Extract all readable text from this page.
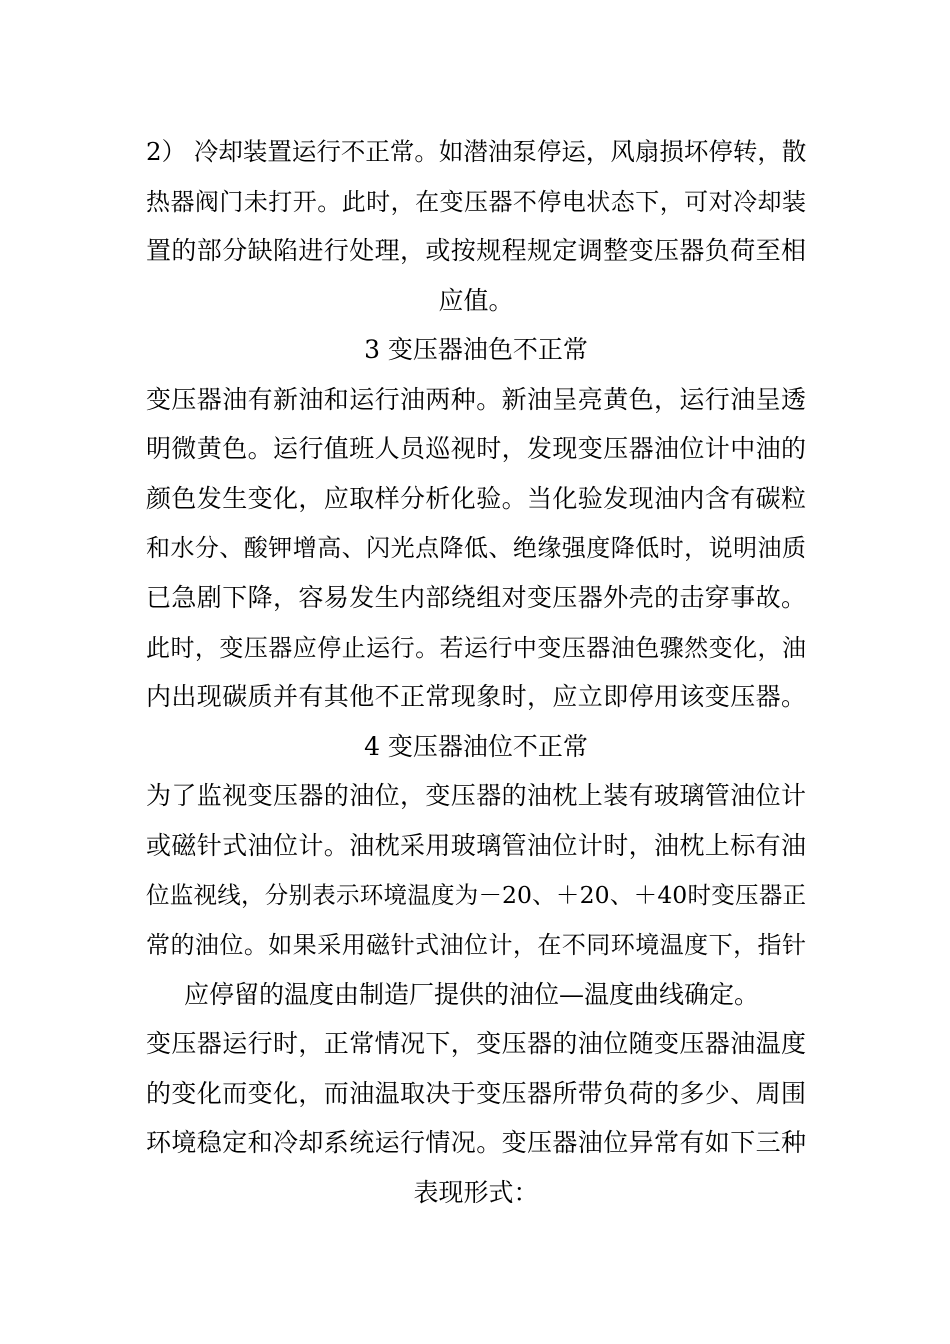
2） 冷却装置运行不正常。如潜油泵停运，风扇损坏停转，散
热器阀门未打开。此时，在变压器不停电状态下，可对冷却装
置的部分缺陷进行处理，或按规程规定调整变压器负荷至相
应值。
3 变压器油色不正常
变压器油有新油和运行油两种。新油呈亮黄色，运行油呈透
明微黄色。运行值班人员巡视时，发现变压器油位计中油的
颜色发生变化，应取样分析化验。当化验发现油内含有碳粒
和水分、酸钾增高、闪光点降低、绝缘强度降低时，说明油质
已急剧下降，容易发生内部绕组对变压器外壳的击穿事故。
此时，变压器应停止运行。若运行中变压器油色骤然变化，油
内出现碳质并有其他不正常现象时，应立即停用该变压器。
4 变压器油位不正常
为了监视变压器的油位，变压器的油枕上装有玻璃管油位计
或磁针式油位计。油枕采用玻璃管油位计时，油枕上标有油
位监视线，分别表示环境温度为－20、＋20、＋40时变压器正
常的油位。如果采用磁针式油位计，在不同环境温度下，指针
应停留的温度由制造厂提供的油位—温度曲线确定。
变压器运行时，正常情况下，变压器的油位随变压器油温度
的变化而变化，而油温取决于变压器所带负荷的多少、周围
环境稳定和冷却系统运行情况。变压器油位异常有如下三种
表现形式：
